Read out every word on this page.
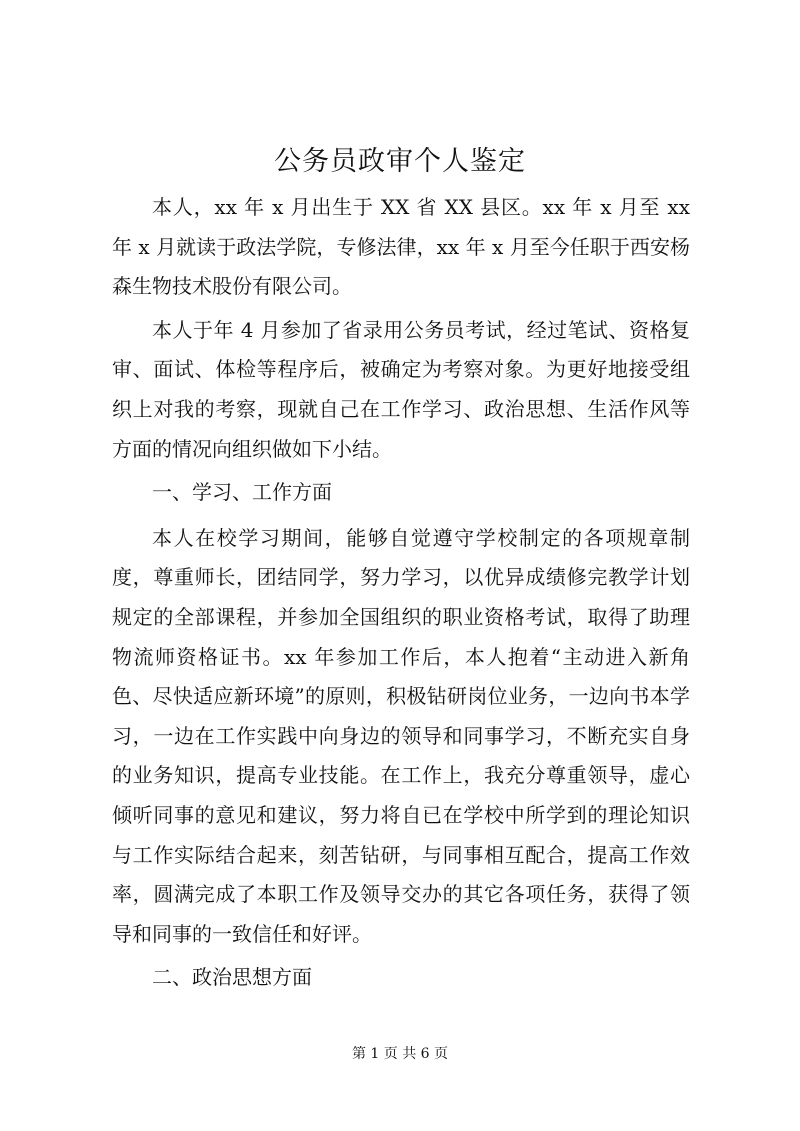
公务员政审个人鉴定

本人，xx 年 x 月出生于 XX 省 XX 县区。xx 年 x 月至 xx 年 x 月就读于政法学院，专修法律，xx 年 x 月至今任职于西安杨森生物技术股份有限公司。

本人于年 4 月参加了省录用公务员考试，经过笔试、资格复审、面试、体检等程序后，被确定为考察对象。为更好地接受组织上对我的考察，现就自己在工作学习、政治思想、生活作风等方面的情况向组织做如下小结。

一、学习、工作方面

本人在校学习期间，能够自觉遵守学校制定的各项规章制度，尊重师长，团结同学，努力学习，以优异成绩修完教学计划规定的全部课程，并参加全国组织的职业资格考试，取得了助理物流师资格证书。xx 年参加工作后，本人抱着“主动进入新角色、尽快适应新环境”的原则，积极钻研岗位业务，一边向书本学习，一边在工作实践中向身边的领导和同事学习，不断充实自身的业务知识，提高专业技能。在工作上，我充分尊重领导，虚心倾听同事的意见和建议，努力将自已在学校中所学到的理论知识与工作实际结合起来，刻苦钻研，与同事相互配合，提高工作效率，圆满完成了本职工作及领导交办的其它各项任务，获得了领导和同事的一致信任和好评。

二、政治思想方面

第 1 页 共 6 页
